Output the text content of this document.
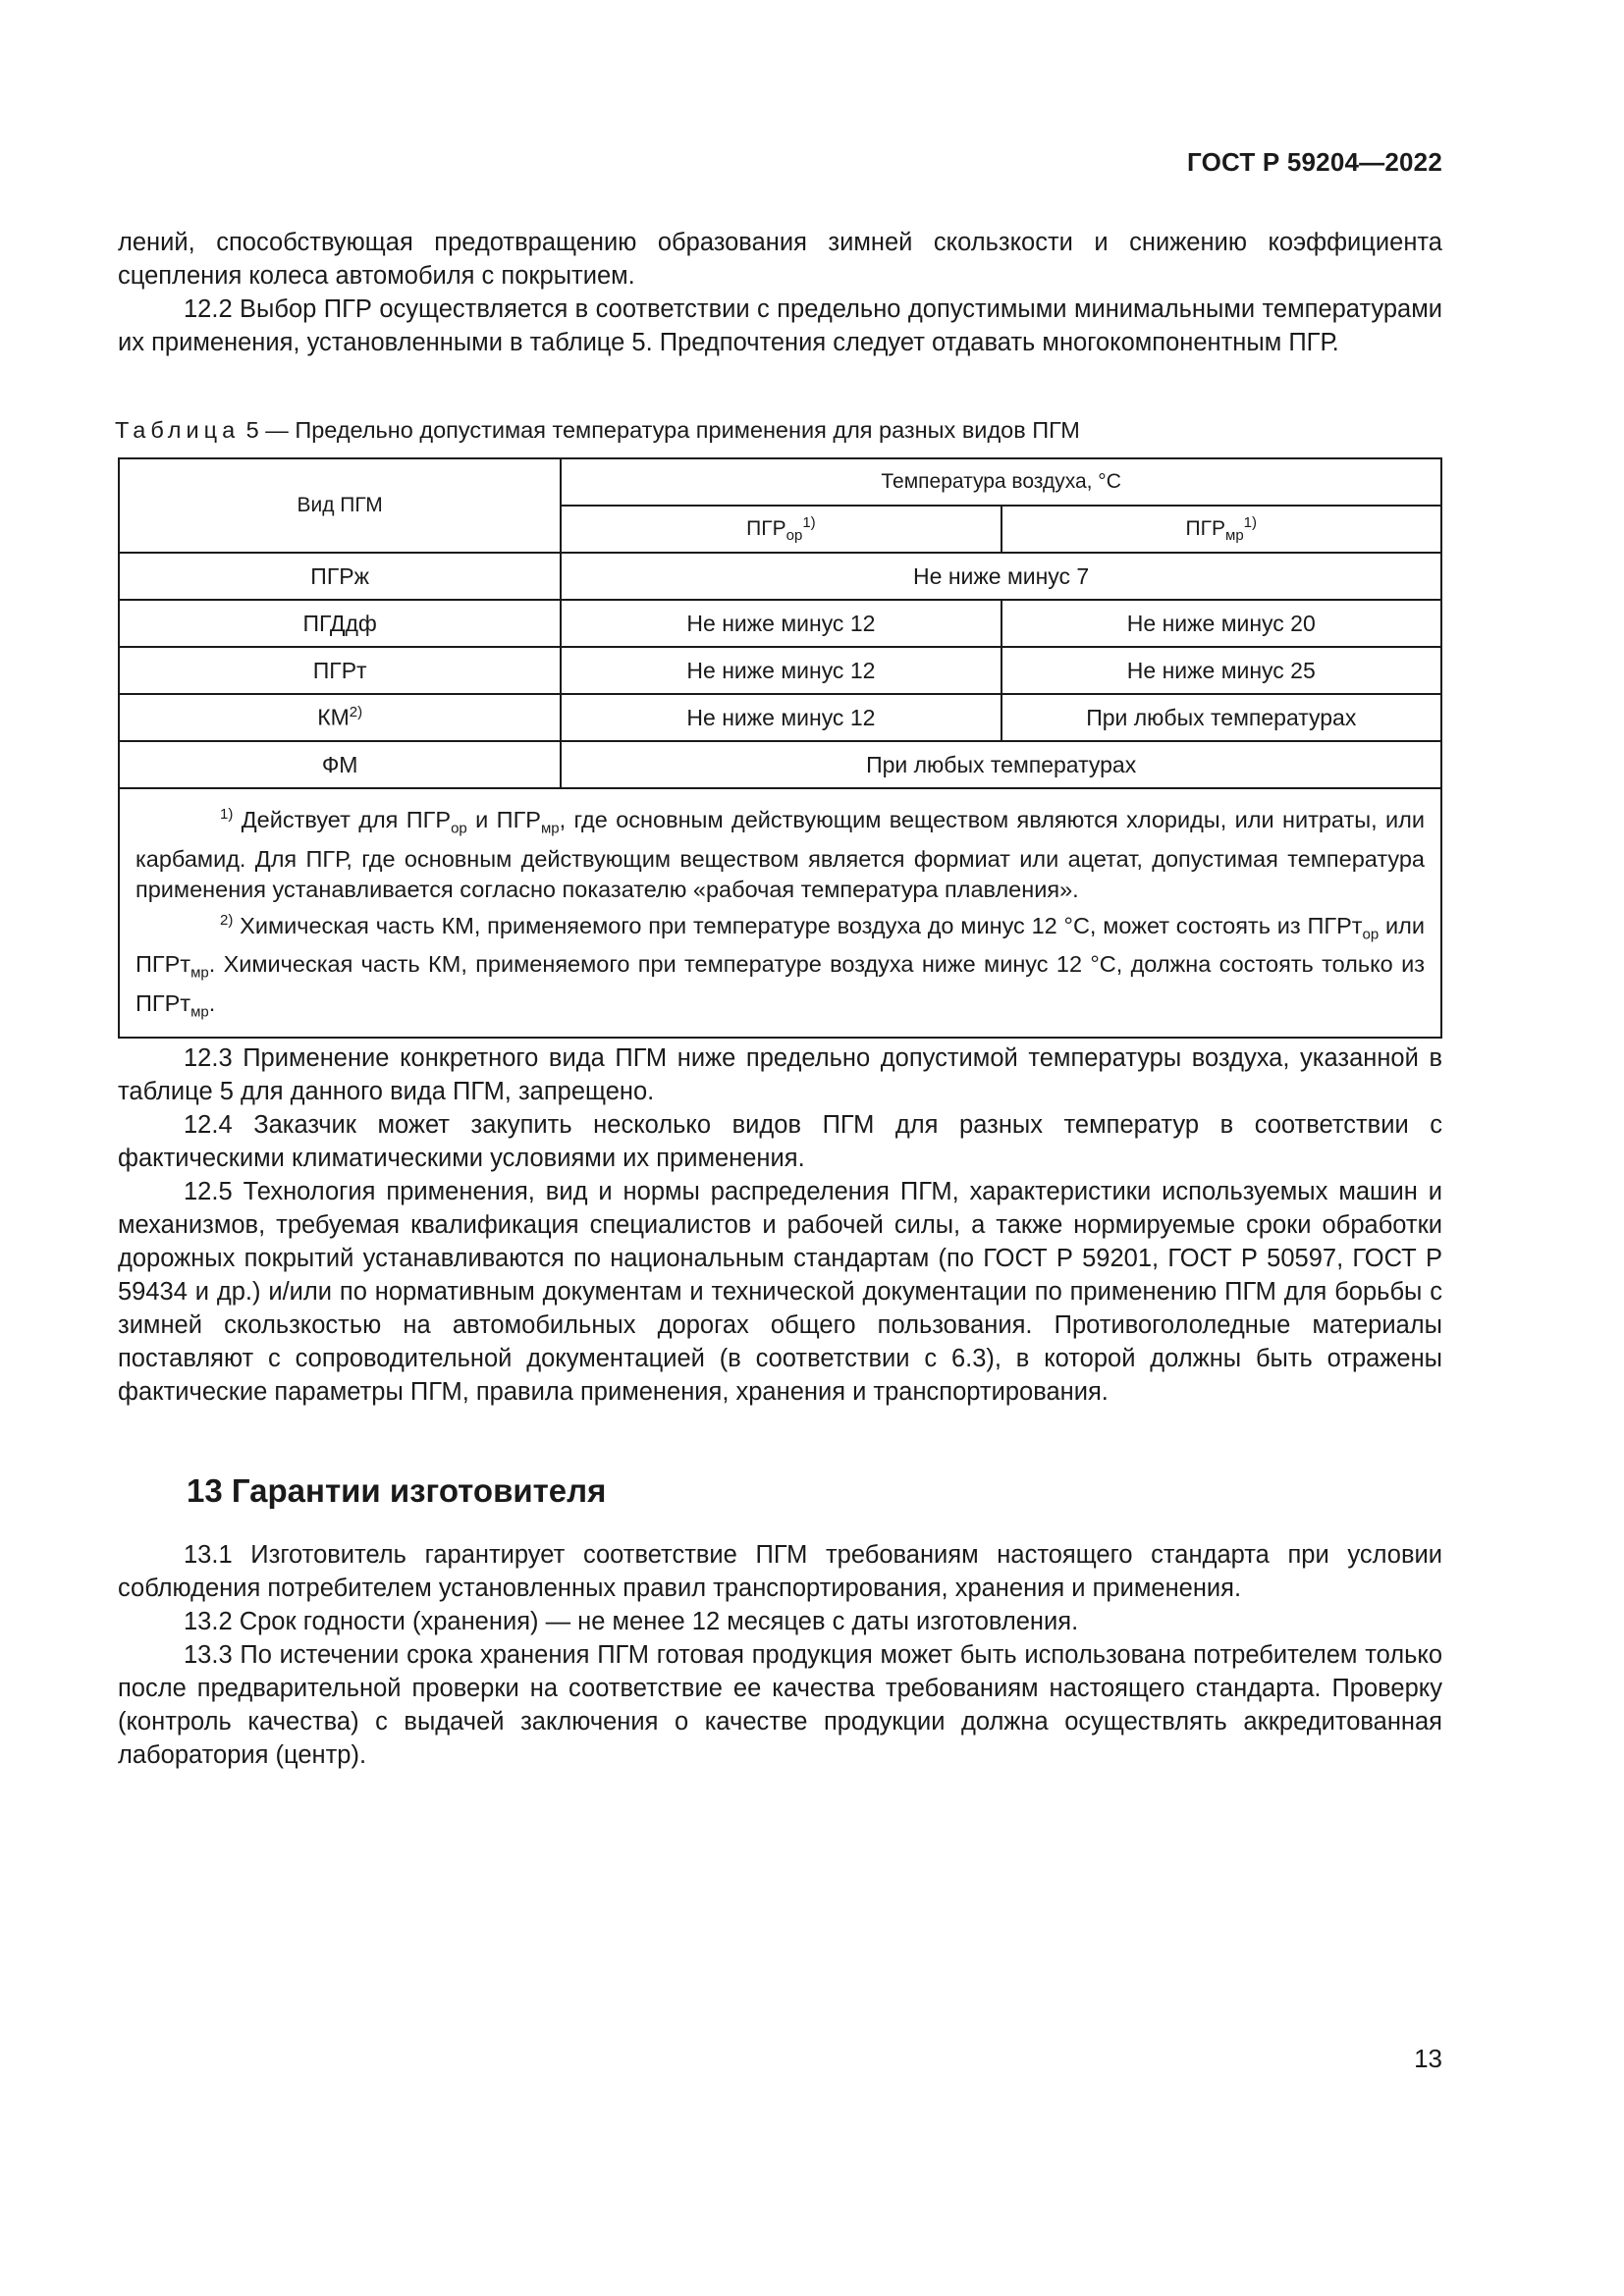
ГОСТ Р 59204—2022

лений, способствующая предотвращению образования зимней скользкости и снижению коэффициента сцепления колеса автомобиля с покрытием.

12.2 Выбор ПГР осуществляется в соответствии с предельно допустимыми минимальными температурами их применения, установленными в таблице 5. Предпочтения следует отдавать многокомпонентным ПГР.

Таблица 5 — Предельно допустимая температура применения для разных видов ПГМ
Вид ПГМ	Температура воздуха, °С	
	$ПГР_{ор}^{1)}$	$ПГР_{мр}^{1)}$
ПГРж	Не ниже минус 7	
ПГДдф	Не ниже минус 12	Не ниже минус 20
ПГРт	Не ниже минус 12	Не ниже минус 25
КМ$^{2)}$	Не ниже минус 12	При любых температурах
ФМ	При любых температурах	

$^{1)}$ Действует для $ПГР_{ор}$ и $ПГР_{мр}$, где основным действующим веществом являются хлориды, или нитраты, или карбамид. Для ПГР, где основным действующим веществом является формиат или ацетат, допустимая температура применения устанавливается согласно показателю «рабочая температура плавления».
$^{2)}$ Химическая часть КМ, применяемого при температуре воздуха до минус 12 °С, может состоять из ПГРт$_{ор}$ или ПГРт$_{мр}$. Химическая часть КМ, применяемого при температуре воздуха ниже минус 12 °С, должна состоять только из ПГРт$_{мр}$.		

12.3 Применение конкретного вида ПГМ ниже предельно допустимой температуры воздуха, указанной в таблице 5 для данного вида ПГМ, запрещено.

12.4 Заказчик может закупить несколько видов ПГМ для разных температур в соответствии с фактическими климатическими условиями их применения.

12.5 Технология применения, вид и нормы распределения ПГМ, характеристики используемых машин и механизмов, требуемая квалификация специалистов и рабочей силы, а также нормируемые сроки обработки дорожных покрытий устанавливаются по национальным стандартам (по ГОСТ Р 59201, ГОСТ Р 50597, ГОСТ Р 59434 и др.) и/или по нормативным документам и технической документации по применению ПГМ для борьбы с зимней скользкостью на автомобильных дорогах общего пользования. Противогололедные материалы поставляют с сопроводительной документацией (в соответствии с 6.3), в которой должны быть отражены фактические параметры ПГМ, правила применения, хранения и транспортирования.

13 Гарантии изготовителя

13.1 Изготовитель гарантирует соответствие ПГМ требованиям настоящего стандарта при условии соблюдения потребителем установленных правил транспортирования, хранения и применения.

13.2 Срок годности (хранения) — не менее 12 месяцев с даты изготовления.

13.3 По истечении срока хранения ПГМ готовая продукция может быть использована потребителем только после предварительной проверки на соответствие ее качества требованиям настоящего стандарта. Проверку (контроль качества) с выдачей заключения о качестве продукции должна осуществлять аккредитованная лаборатория (центр).

13
